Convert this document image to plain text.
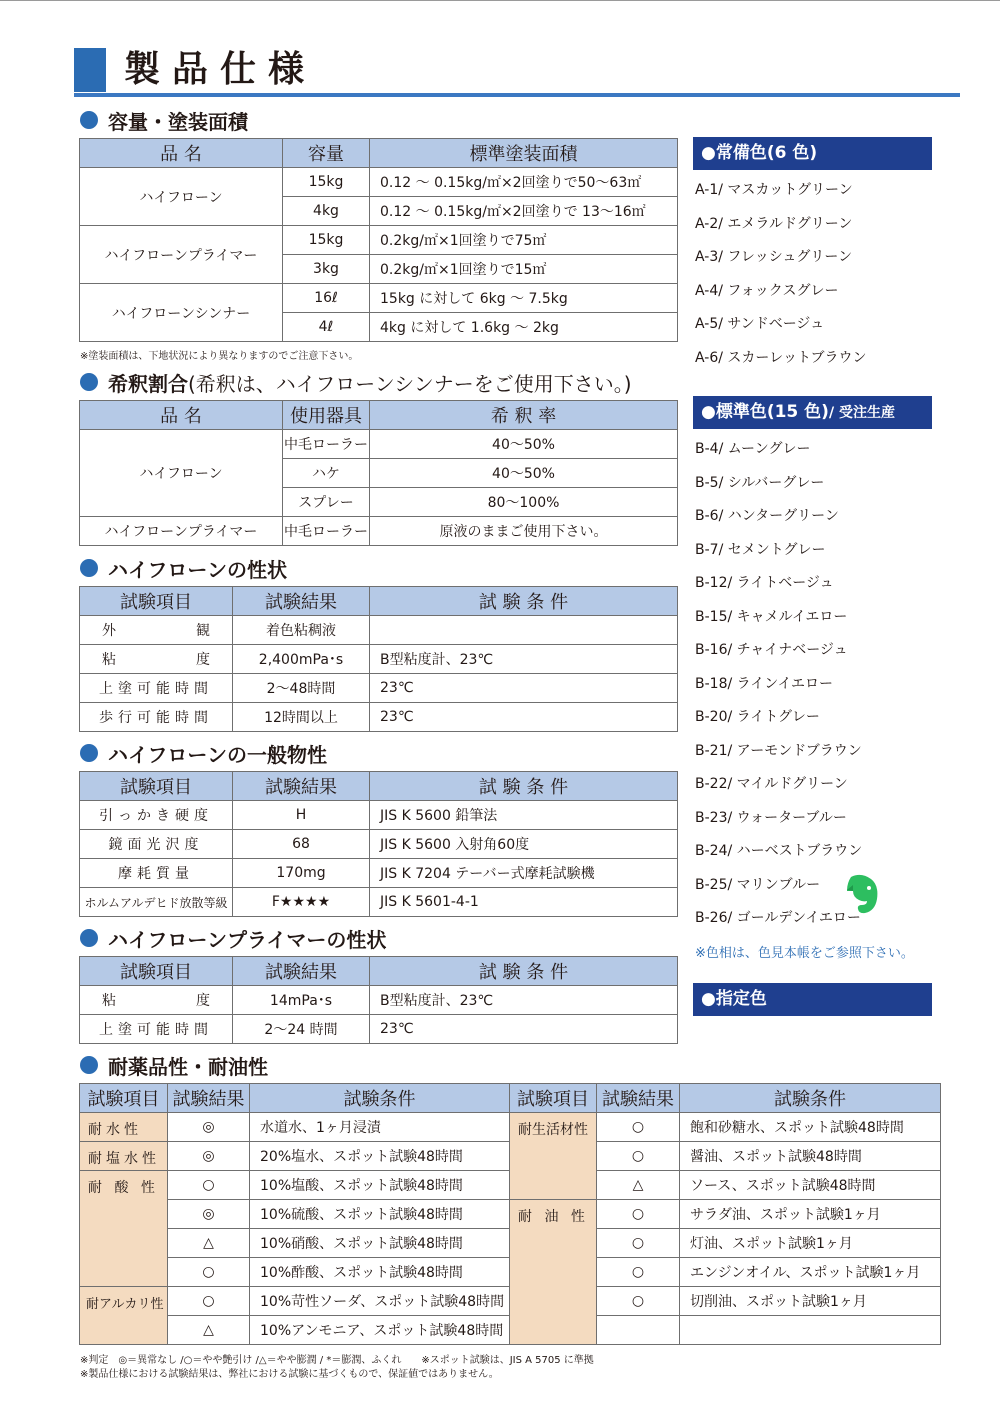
製品仕様
容量・塗装面積
品 名	容量	標準塗装面積
ハイフローン	15kg	0.12 ～ 0.15kg/㎡×2回塗りで50～63㎡
	4kg	0.12 ～ 0.15kg/㎡×2回塗りで 13～16㎡
ハイフローンプライマー	15kg	0.2kg/㎡×1回塗りで75㎡
	3kg	0.2kg/㎡×1回塗りで15㎡
ハイフローンシンナー	16ℓ	15kg に対して 6kg ～ 7.5kg
	4ℓ	4kg に対して 1.6kg ～ 2kg
※塗装面積は、下地状況により異なりますのでご注意下さい。
希釈割合 (希釈は、ハイフローンシンナーをご使用下さい。)
品 名	使用器具	希 釈 率
ハイフローン	中毛ローラー	40～50%
	ハケ	40～50%
	スプレー	80～100%
ハイフローンプライマー	中毛ローラー	原液のままご使用下さい。
ハイフローンの性状
試験項目	試験結果	試 験 条 件

外 観	着色粘稠液	

粘 度	2,400mPa･s	B型粘度計、23℃
上塗可能時間	2～48時間	23℃
歩行可能時間	12時間以上	23℃
ハイフローンの一般物性
試験項目	試験結果	試 験 条 件
引っかき硬度	H	JIS K 5600 鉛筆法
鏡面光沢度	68	JIS K 5600 入射角60度
摩耗質量	170mg	JIS K 7204 テーバー式摩耗試験機
ホルムアルデヒド放散等級	F★★★★	JIS K 5601-4-1
ハイフローンプライマーの性状
試験項目	試験結果	試 験 条 件

粘 度	14mPa･s	B型粘度計、23℃
上塗可能時間	2～24 時間	23℃
耐薬品性・耐油性
試験項目	試験結果	試験条件	試験項目	試験結果	試験条件
耐水性	◎	水道水、1ヶ月浸漬	耐生活材性	○	飽和砂糖水、スポット試験48時間
耐塩水性	◎	20%塩水、スポット試験48時間		○	醤油、スポット試験48時間
耐 酸 性	○	10%塩酸、スポット試験48時間		△	ソース、スポット試験48時間
	◎	10%硫酸、スポット試験48時間	耐 油 性	○	サラダ油、スポット試験1ヶ月
	△	10%硝酸、スポット試験48時間		○	灯油、スポット試験1ヶ月
	○	10%酢酸、スポット試験48時間		○	エンジンオイル、スポット試験1ヶ月
耐アルカリ性	○	10%苛性ソーダ、スポット試験48時間		○	切削油、スポット試験1ヶ月
	△	10%アンモニア、スポット試験48時間			
※判定　◎＝異常なし /○＝やや艶引け /△＝やや膨潤 / *＝膨潤、ふくれ　　※スポット試験は、JIS A 5705 に準拠
※製品仕様における試験結果は、弊社における試験に基づくもので、保証値ではありません。
●常備色(6 色)
A-1/ マスカットグリーン
A-2/ エメラルドグリーン
A-3/ フレッシュグリーン
A-4/ フォックスグレー
A-5/ サンドベージュ
A-6/ スカーレットブラウン
●標準色(15 色)/ 受注生産
B-4/ ムーングレー
B-5/ シルバーグレー
B-6/ ハンターグリーン
B-7/ セメントグレー
B-12/ ライトベージュ
B-15/ キャメルイエロー
B-16/ チャイナベージュ
B-18/ ラインイエロー
B-20/ ライトグレー
B-21/ アーモンドブラウン
B-22/ マイルドグリーン
B-23/ ウォーターブルー
B-24/ ハーベストブラウン
B-25/ マリンブルー
B-26/ ゴールデンイエロー
※色相は、色見本帳をご参照下さい。
●指定色
